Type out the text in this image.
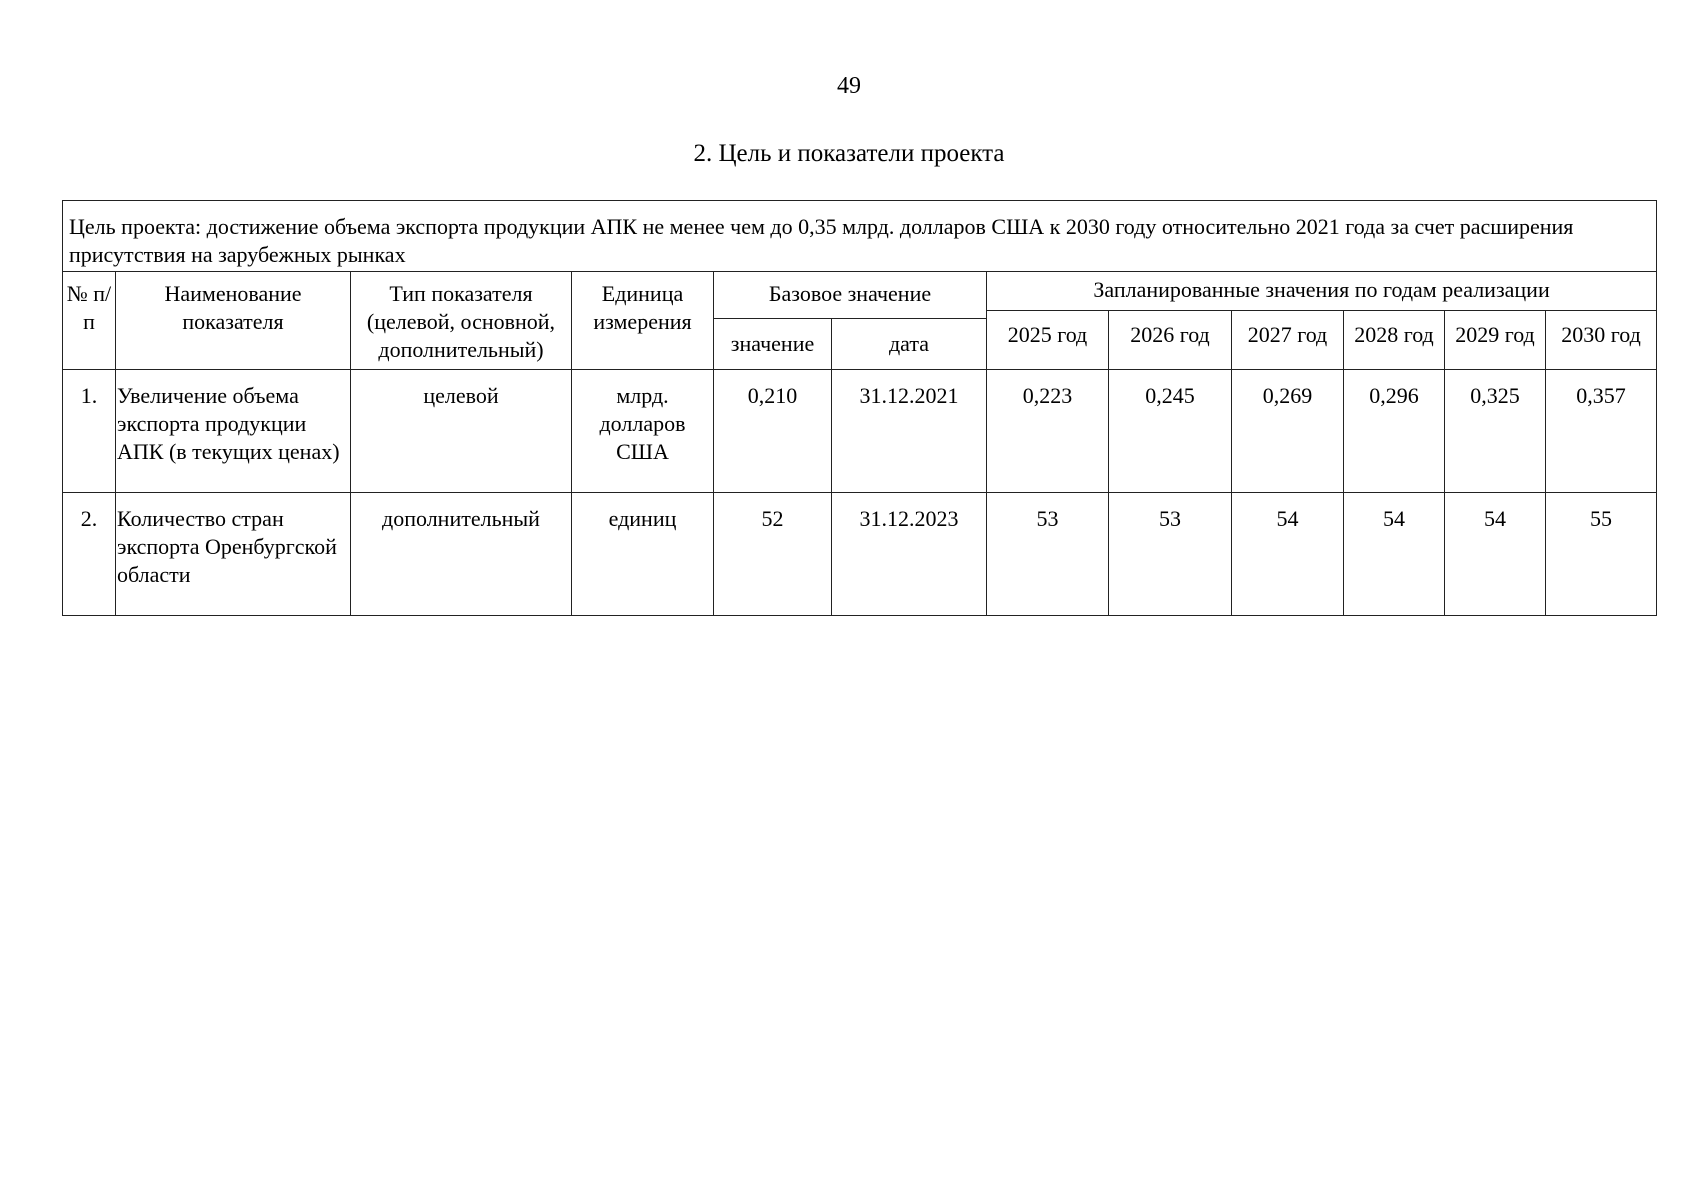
49
2. Цель и показатели проекта
Цель проекта: достижение объема экспорта продукции АПК не менее чем до 0,35 млрд. долларов США к 2030 году относительно 2021 года за счет расширения присутствия на зарубежных рынках											
№ п/п	Наименование показателя	Тип показателя (целевой, основной, дополнительный)	Единица измерения	Базовое значение		Запланированные значения по годам реализации					
						2025 год	2026 год	2027 год	2028 год	2029 год	2030 год
				значение	дата						
1.	Увеличение объема экспорта продукции АПК (в текущих ценах)	целевой	млрд. долларов США	0,210	31.12.2021	0,223	0,245	0,269	0,296	0,325	0,357
2.	Количество стран экспорта Оренбургской области	дополнительный	единиц	52	31.12.2023	53	53	54	54	54	55
